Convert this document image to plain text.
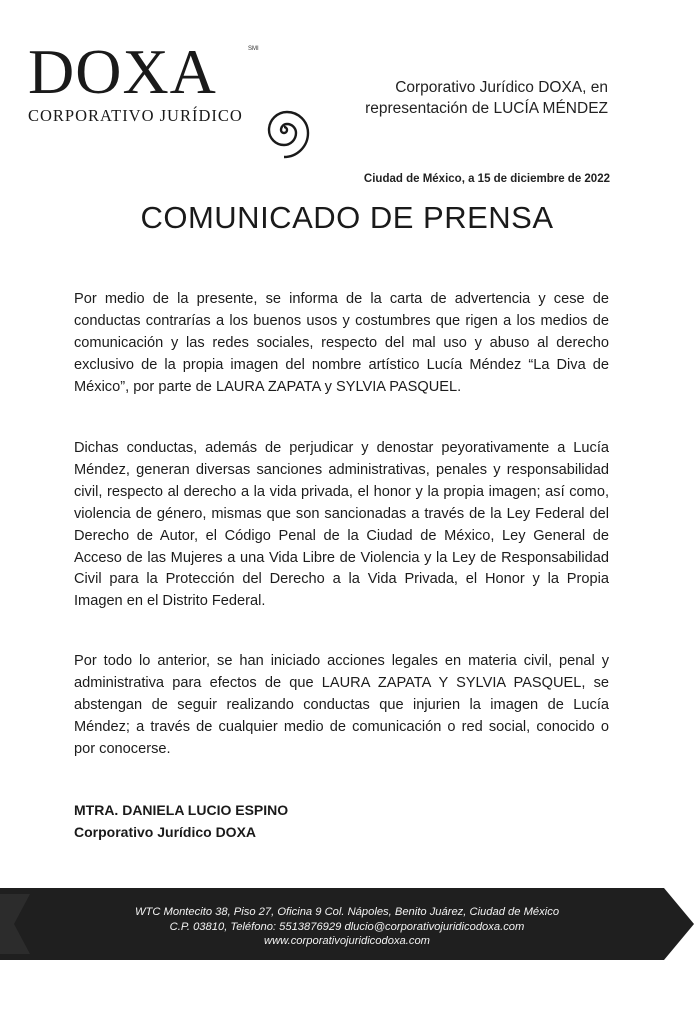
DOXA	SMI
CORPORATIVO JURÍDICO
Corporativo Jurídico DOXA, en representación de LUCÍA MÉNDEZ
Ciudad de México, a 15 de diciembre de 2022
COMUNICADO DE PRENSA
Por medio de la presente, se informa de la carta de advertencia y cese de conductas contrarías a los buenos usos y costumbres que rigen a los medios de comunicación y las redes sociales, respecto del mal uso y abuso al derecho exclusivo de la propia imagen del nombre artístico Lucía Méndez “La Diva de México”, por parte de LAURA ZAPATA y SYLVIA PASQUEL.
Dichas conductas, además de perjudicar y denostar peyorativamente a Lucía Méndez, generan diversas sanciones administrativas, penales y responsabilidad civil, respecto al derecho a la vida privada, el honor y la propia imagen; así como, violencia de género, mismas que son sancionadas a través de la Ley Federal del Derecho de Autor, el Código Penal de la Ciudad de México, Ley General de Acceso de las Mujeres a una Vida Libre de Violencia y la Ley de Responsabilidad Civil para la Protección del Derecho a la Vida Privada, el Honor y la Propia Imagen en el Distrito Federal.
Por todo lo anterior, se han iniciado acciones legales en materia civil, penal y administrativa para efectos de que LAURA ZAPATA Y SYLVIA PASQUEL, se abstengan de seguir realizando conductas que injurien la imagen de Lucía Méndez; a través de cualquier medio de comunicación o red social, conocido o por conocerse.
MTRA. DANIELA LUCIO ESPINO
Corporativo Jurídico DOXA
WTC Montecito 38, Piso 27, Oficina 9 Col. Nápoles, Benito Juárez, Ciudad de México
C.P. 03810, Teléfono: 5513876929 dlucio@corporativojuridicodoxa.com
www.corporativojuridicodoxa.com
